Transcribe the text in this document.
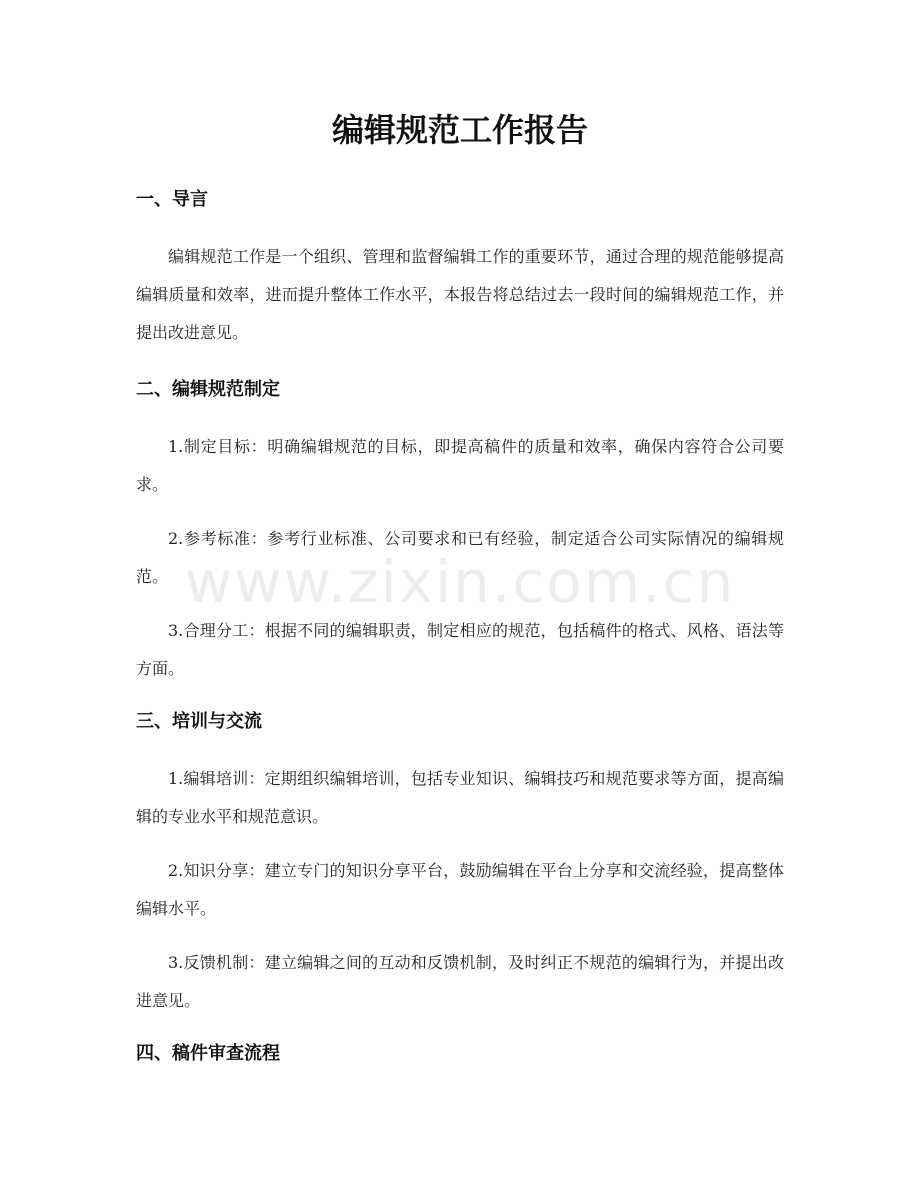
www.zixin.com.cn
编辑规范工作报告
一、导言

编辑规范工作是一个组织、管理和监督编辑工作的重要环节，通过合理的规范能够提高编辑质量和效率，进而提升整体工作水平，本报告将总结过去一段时间的编辑规范工作，并提出改进意见。

二、编辑规范制定

1.制定目标：明确编辑规范的目标，即提高稿件的质量和效率，确保内容符合公司要求。

2.参考标准：参考行业标准、公司要求和已有经验，制定适合公司实际情况的编辑规范。

3.合理分工：根据不同的编辑职责，制定相应的规范，包括稿件的格式、风格、语法等方面。

三、培训与交流

1.编辑培训：定期组织编辑培训，包括专业知识、编辑技巧和规范要求等方面，提高编辑的专业水平和规范意识。

2.知识分享：建立专门的知识分享平台，鼓励编辑在平台上分享和交流经验，提高整体编辑水平。

3.反馈机制：建立编辑之间的互动和反馈机制，及时纠正不规范的编辑行为，并提出改进意见。

四、稿件审查流程
